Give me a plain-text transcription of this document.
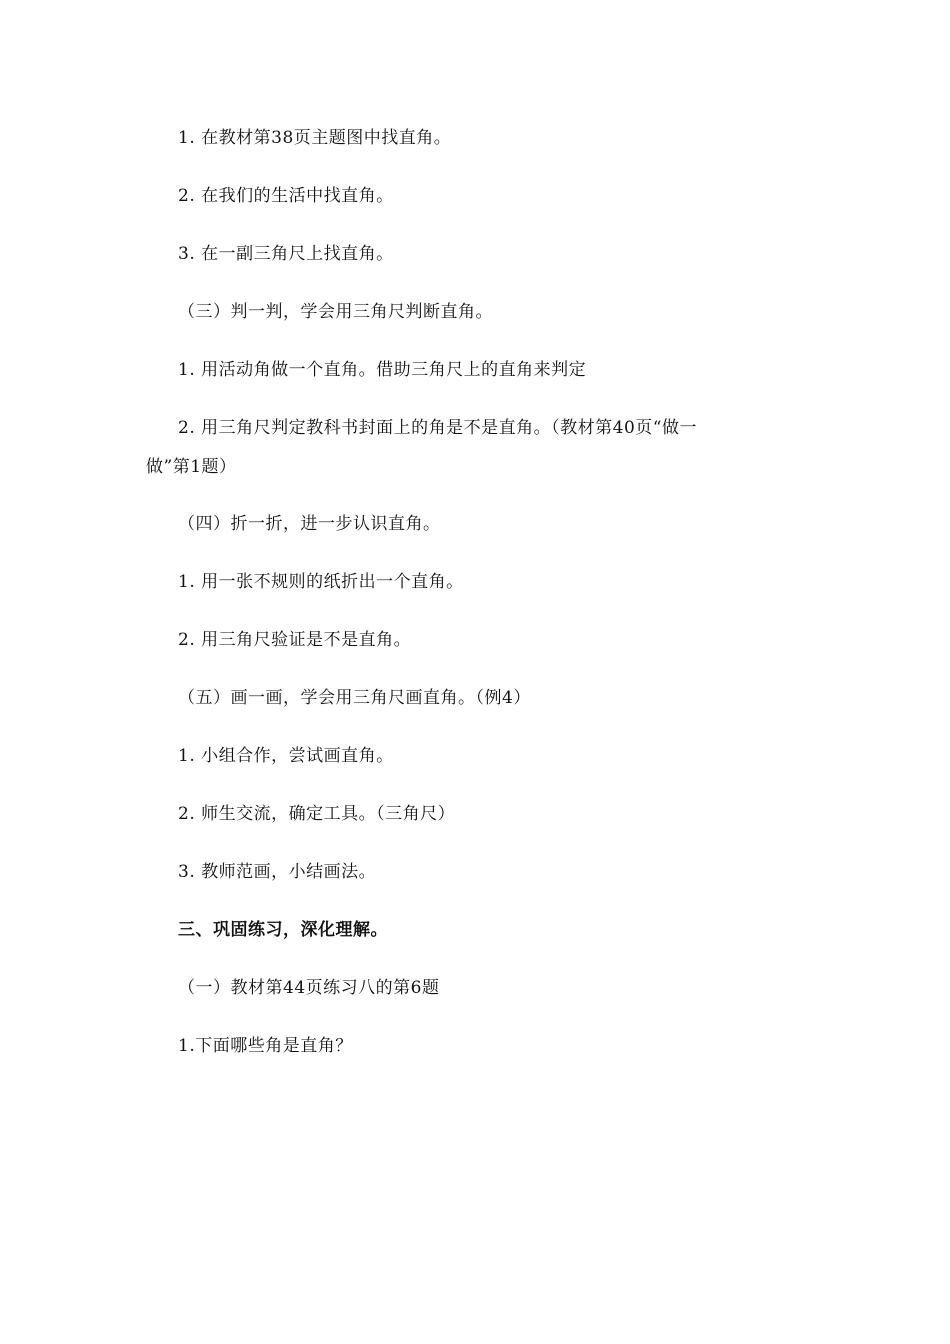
1. 在教材第38页主题图中找直角。
2. 在我们的生活中找直角。
3. 在一副三角尺上找直角。
（三）判一判，学会用三角尺判断直角。
1. 用活动角做一个直角。借助三角尺上的直角来判定
2. 用三角尺判定教科书封面上的角是不是直角。（教材第40页“做一
做”第1题）
（四）折一折，进一步认识直角。
1. 用一张不规则的纸折出一个直角。
2. 用三角尺验证是不是直角。
（五）画一画，学会用三角尺画直角。（例4）
1. 小组合作，尝试画直角。
2. 师生交流，确定工具。（三角尺）
3. 教师范画，小结画法。
三、巩固练习，深化理解。
（一）教材第44页练习八的第6题
1.下面哪些角是直角？
